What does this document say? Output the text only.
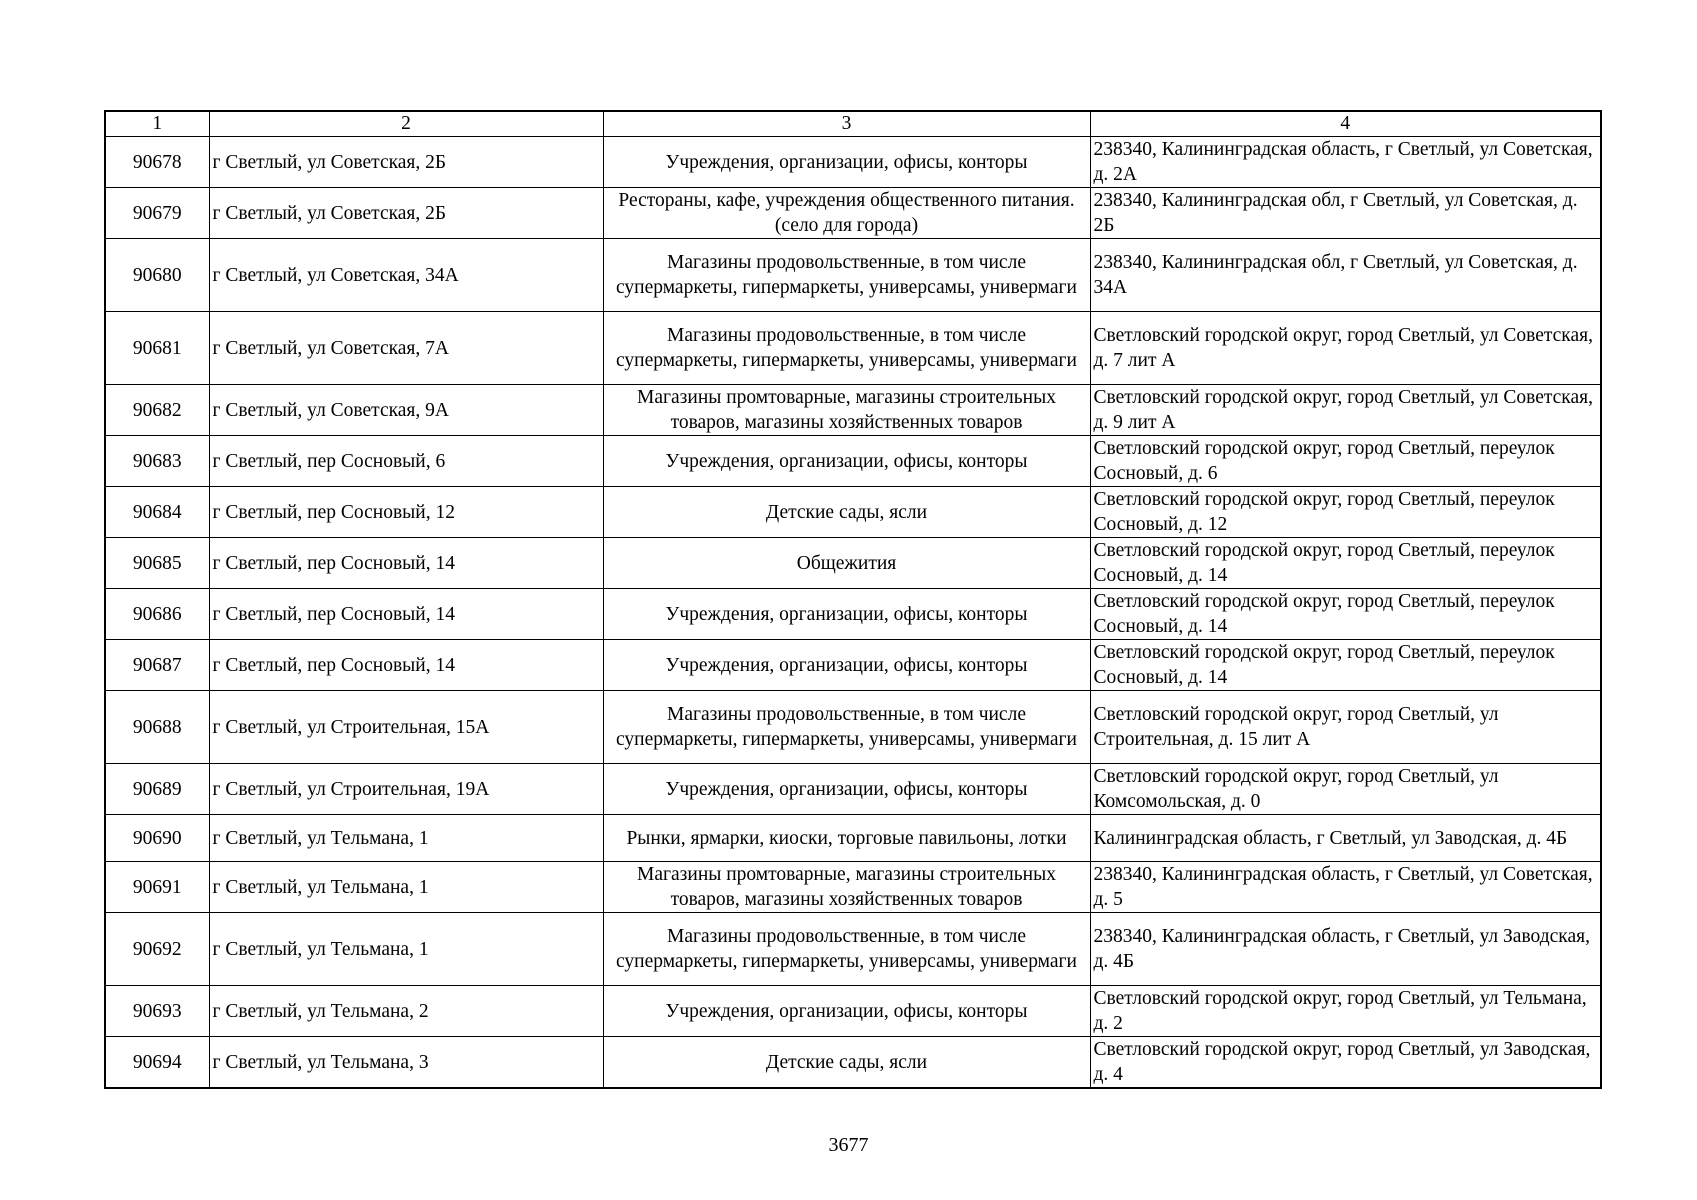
1	2	3	4
90678	г Светлый, ул Советская, 2Б	Учреждения, организации, офисы, конторы	238340, Калининградская область, г Светлый, ул Советская, д. 2А
90679	г Светлый, ул Советская, 2Б	Рестораны, кафе, учреждения общественного питания. (село для города)	238340, Калининградская обл, г Светлый, ул Советская, д. 2Б
90680	г Светлый, ул Советская, 34А	Магазины продовольственные, в том числе супермаркеты, гипермаркеты, универсамы, универмаги	238340, Калининградская обл, г Светлый, ул Советская, д. 34А
90681	г Светлый, ул Советская, 7А	Магазины продовольственные, в том числе супермаркеты, гипермаркеты, универсамы, универмаги	Светловский городской округ, город Светлый, ул Советская, д. 7 лит А
90682	г Светлый, ул Советская, 9А	Магазины промтоварные, магазины строительных товаров, магазины хозяйственных товаров	Светловский городской округ, город Светлый, ул Советская, д. 9 лит А
90683	г Светлый, пер Сосновый, 6	Учреждения, организации, офисы, конторы	Светловский городской округ, город Светлый, переулок Сосновый, д. 6
90684	г Светлый, пер Сосновый, 12	Детские сады, ясли	Светловский городской округ, город Светлый, переулок Сосновый, д. 12
90685	г Светлый, пер Сосновый, 14	Общежития	Светловский городской округ, город Светлый, переулок Сосновый, д. 14
90686	г Светлый, пер Сосновый, 14	Учреждения, организации, офисы, конторы	Светловский городской округ, город Светлый, переулок Сосновый, д. 14
90687	г Светлый, пер Сосновый, 14	Учреждения, организации, офисы, конторы	Светловский городской округ, город Светлый, переулок Сосновый, д. 14
90688	г Светлый, ул Строительная, 15А	Магазины продовольственные, в том числе супермаркеты, гипермаркеты, универсамы, универмаги	Светловский городской округ, город Светлый, ул Строительная, д. 15 лит А
90689	г Светлый, ул Строительная, 19А	Учреждения, организации, офисы, конторы	Светловский городской округ, город Светлый, ул Комсомольская, д. 0
90690	г Светлый, ул Тельмана, 1	Рынки, ярмарки, киоски, торговые павильоны, лотки	Калининградская область, г Светлый, ул Заводская, д. 4Б
90691	г Светлый, ул Тельмана, 1	Магазины промтоварные, магазины строительных товаров, магазины хозяйственных товаров	238340, Калининградская область, г Светлый, ул Советская, д. 5
90692	г Светлый, ул Тельмана, 1	Магазины продовольственные, в том числе супермаркеты, гипермаркеты, универсамы, универмаги	238340, Калининградская область, г Светлый, ул Заводская, д. 4Б
90693	г Светлый, ул Тельмана, 2	Учреждения, организации, офисы, конторы	Светловский городской округ, город Светлый, ул Тельмана, д. 2
90694	г Светлый, ул Тельмана, 3	Детские сады, ясли	Светловский городской округ, город Светлый, ул Заводская, д. 4
3677
